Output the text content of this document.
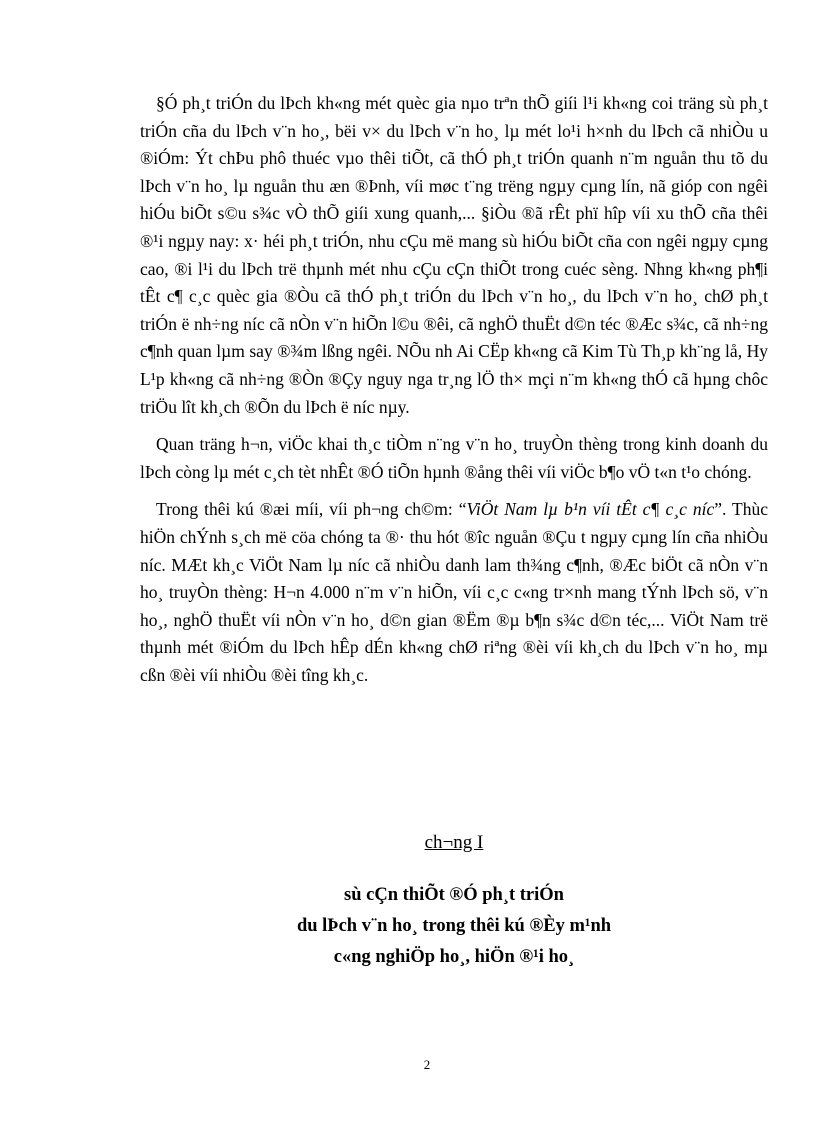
§Ó ph¸t triÓn du lÞch kh«ng mét quèc gia nµo trªn thÕ giíi l¹i kh«ng coi träng sù ph¸t triÓn cña du lÞch v¨n ho¸, bëi v× du lÞch v¨n ho¸ lµ mét lo¹i h×nh du lÞch cã nhiÒu u ®iÓm: Ýt chÞu phô thuéc vµo thêi tiÕt, cã thÓ ph¸t triÓn quanh n¨m nguån thu tõ du lÞch v¨n ho¸ lµ nguån thu æn ®Þnh, víi møc t¨ng trëng ngµy cµng lín, nã gióp con ngêi hiÓu biÕt s©u s¾c vÒ thÕ giíi xung quanh,... §iÒu ®ã rÊt phï hîp víi xu thÕ cña thêi ®¹i ngµy nay: x· héi ph¸t triÓn, nhu cÇu më mang sù hiÓu biÕt cña con ngêi ngµy cµng cao, ®i l¹i du lÞch trë thµnh mét nhu cÇu cÇn thiÕt trong cuéc sèng. Nhng kh«ng ph¶i tÊt c¶ c¸c quèc gia ®Òu cã thÓ ph¸t triÓn du lÞch v¨n ho¸, du lÞch v¨n ho¸ chØ ph¸t triÓn ë nh÷ng níc cã nÒn v¨n hiÕn l©u ®êi, cã nghÖ thuËt d©n téc ®Æc s¾c, cã nh÷ng c¶nh quan lµm say ®¾m lßng ngêi. NÕu nh Ai CËp kh«ng cã Kim Tù Th¸p kh¨ng lå, Hy L¹p kh«ng cã nh÷ng ®Òn ®Çy nguy nga tr¸ng lÖ th× mçi n¨m kh«ng thÓ cã hµng chôc triÖu lît kh¸ch ®Õn du lÞch ë níc nµy.

Quan träng h¬n, viÖc khai th¸c tiÒm n¨ng v¨n ho¸ truyÒn thèng trong kinh doanh du lÞch còng lµ mét c¸ch tèt nhÊt ®Ó tiÕn hµnh ®ång thêi víi viÖc b¶o vÖ t«n t¹o chóng.

Trong thêi kú ®æi míi, víi ph¬ng ch©m: “ViÖt Nam lµ b¹n víi tÊt c¶ c¸c níc”. Thùc hiÖn chÝnh s¸ch më cöa chóng ta ®· thu hót ®îc nguån ®Çu t ngµy cµng lín cña nhiÒu níc. MÆt kh¸c ViÖt Nam lµ níc cã nhiÒu danh lam th¾ng c¶nh, ®Æc biÖt cã nÒn v¨n ho¸ truyÒn thèng: H¬n 4.000 n¨m v¨n hiÕn, víi c¸c c«ng tr×nh mang tÝnh lÞch sö, v¨n ho¸, nghÖ thuËt víi nÒn v¨n ho¸ d©n gian ®Ëm ®µ b¶n s¾c d©n téc,... ViÖt Nam trë thµnh mét ®iÓm du lÞch hÊp dÉn kh«ng chØ riªng ®èi víi kh¸ch du lÞch v¨n ho¸ mµ cßn ®èi víi nhiÒu ®èi tîng kh¸c.

ch¬ng I
sù cÇn thiÕt ®Ó ph¸t triÓn
du lÞch v¨n ho¸ trong thêi kú ®Èy m¹nh
c«ng nghiÖp ho¸, hiÖn ®¹i ho¸
2
